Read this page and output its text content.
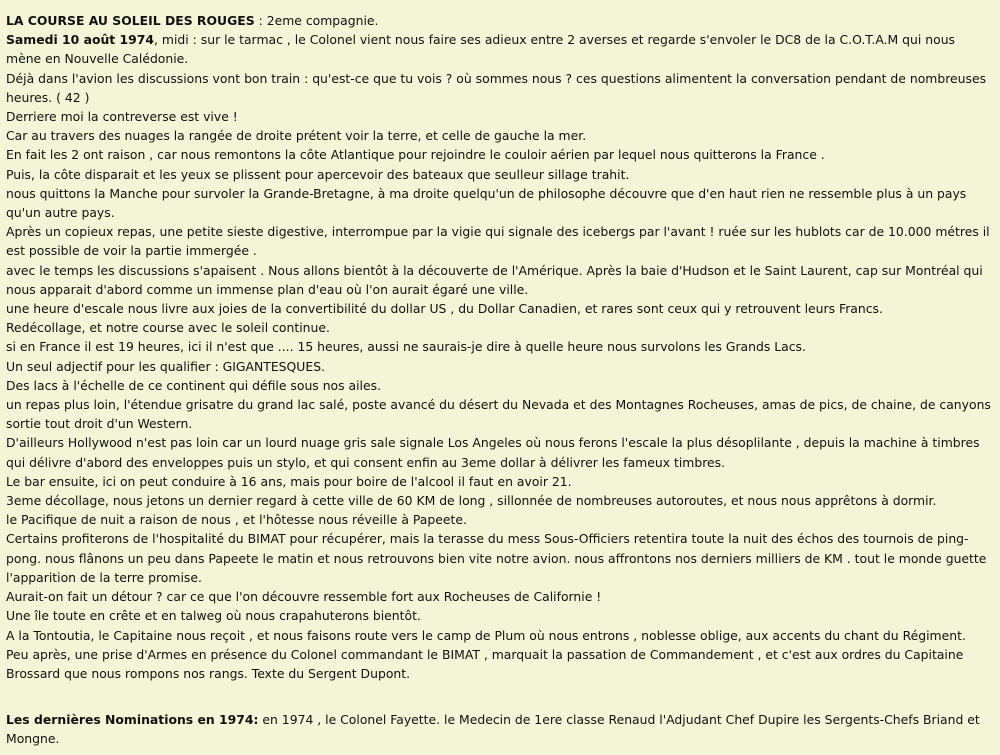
LA COURSE AU SOLEIL DES ROUGES : 2eme compagnie.

Samedi 10 août 1974, midi : sur le tarmac , le Colonel vient nous faire ses adieux entre 2 averses et regarde s'envoler le DC8 de la C.O.T.A.M qui nous mène en Nouvelle Calédonie.

Déjà dans l'avion les discussions vont bon train : qu'est-ce que tu vois ? où sommes nous ? ces questions alimentent la conversation pendant de nombreuses heures. ( 42 )

Derriere moi la contreverse est vive !

Car au travers des nuages la rangée de droite prétent voir la terre, et celle de gauche la mer.

En fait les 2 ont raison , car nous remontons la côte Atlantique pour rejoindre le couloir aérien par lequel nous quitterons la France .

Puis, la côte disparait et les yeux se plissent pour apercevoir des bateaux que seulleur sillage trahit.

nous quittons la Manche pour survoler la Grande-Bretagne, à ma droite quelqu'un de philosophe découvre que d'en haut rien ne ressemble plus à un pays qu'un autre pays.

Après un copieux repas, une petite sieste digestive, interrompue par la vigie qui signale des icebergs par l'avant ! ruée sur les hublots car de 10.000 métres il est possible de voir la partie immergée .

avec le temps les discussions s'apaisent . Nous allons bientôt à la découverte de l'Amérique. Après la baie d'Hudson et le Saint Laurent, cap sur Montréal qui nous apparait d'abord comme un immense plan d'eau où l'on aurait égaré une ville.

une heure d'escale nous livre aux joies de la convertibilité du dollar US , du Dollar Canadien, et rares sont ceux qui y retrouvent leurs Francs.

Redécollage, et notre course avec le soleil continue.

si en France il est 19 heures, ici il n'est que .... 15 heures, aussi ne saurais-je dire à quelle heure nous survolons les Grands Lacs.

Un seul adjectif pour les qualifier : GIGANTESQUES.

Des lacs à l'échelle de ce continent qui défile sous nos ailes.

un repas plus loin, l'étendue grisatre du grand lac salé, poste avancé du désert du Nevada et des Montagnes Rocheuses, amas de pics, de chaine, de canyons sortie tout droit d'un Western.

D'ailleurs Hollywood n'est pas loin car un lourd nuage gris sale signale Los Angeles où nous ferons l'escale la plus désoplilante , depuis la machine à timbres qui délivre d'abord des enveloppes puis un stylo, et qui consent enfin au 3eme dollar à délivrer les fameux timbres.

Le bar ensuite, ici on peut conduire à 16 ans, mais pour boire de l'alcool il faut en avoir 21.

3eme décollage, nous jetons un dernier regard à cette ville de 60 KM de long , sillonnée de nombreuses autoroutes, et nous nous apprêtons à dormir.

le Pacifique de nuit a raison de nous , et l'hôtesse nous réveille à Papeete.

Certains profiterons de l'hospitalité du BIMAT pour récupérer, mais la terasse du mess Sous-Officiers retentira toute la nuit des échos des tournois de ping-pong. nous flânons un peu dans Papeete le matin et nous retrouvons bien vite notre avion. nous affrontons nos derniers milliers de KM . tout le monde guette l'apparition de la terre promise.

Aurait-on fait un détour ? car ce que l'on découvre ressemble fort aux Rocheuses de Californie !

Une île toute en crête et en talweg où nous crapahuterons bientôt.

A la Tontoutia, le Capitaine nous reçoit , et nous faisons route vers le camp de Plum où nous entrons , noblesse oblige, aux accents du chant du Régiment.

Peu après, une prise d'Armes en présence du Colonel commandant le BIMAT , marquait la passation de Commandement , et c'est aux ordres du Capitaine Brossard que nous rompons nos rangs. Texte du Sergent Dupont.

Les dernières Nominations en 1974: en 1974 , le Colonel Fayette. le Medecin de 1ere classe Renaud l'Adjudant Chef Dupire les Sergents-Chefs Briand et Mongne.
